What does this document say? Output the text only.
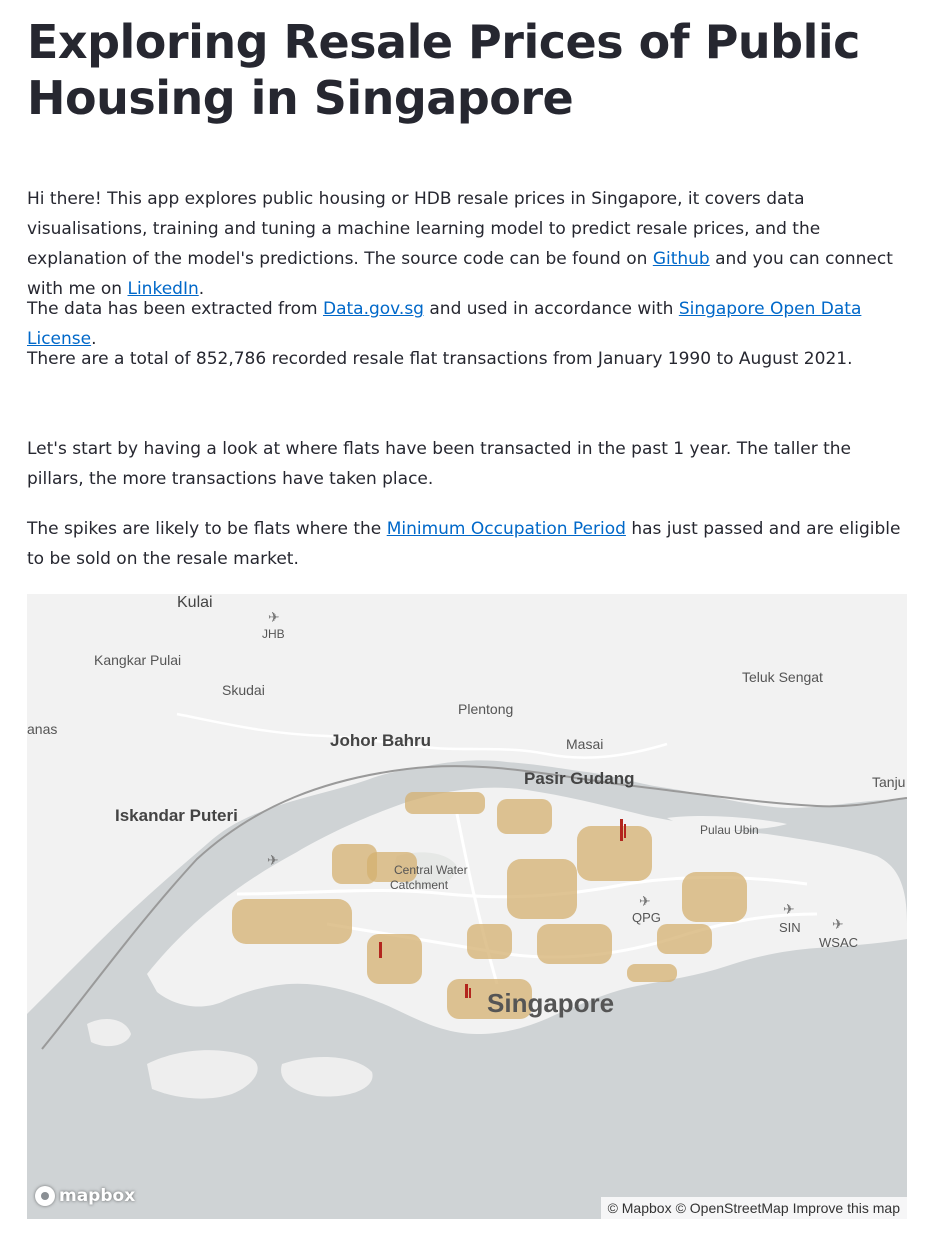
Exploring Resale Prices of Public Housing in Singapore

Hi there! This app explores public housing or HDB resale prices in Singapore, it covers data visualisations, training and tuning a machine learning model to predict resale prices, and the explanation of the model's predictions. The source code can be found on Github and you can connect with me on LinkedIn.

The data has been extracted from Data.gov.sg and used in accordance with Singapore Open Data License.

There are a total of 852,786 recorded resale flat transactions from January 1990 to August 2021.

Let's start by having a look at where flats have been transacted in the past 1 year. The taller the pillars, the more transactions have taken place.

The spikes are likely to be flats where the Minimum Occupation Period has just passed and are eligible to be sold on the resale market.

✈
✈
✈	✈
✈
Kulai
JHB
Kangkar Pulai
Skudai
Plentong
Teluk Sengat
anas
Johor Bahru	Masai
Pasir Gudang	Tanju
Iskandar Puteri
Pulau Ubin
Central Water
Catchment
QPG
SIN
WSAC
Singapore
mapbox
© Mapbox © OpenStreetMap Improve this map
